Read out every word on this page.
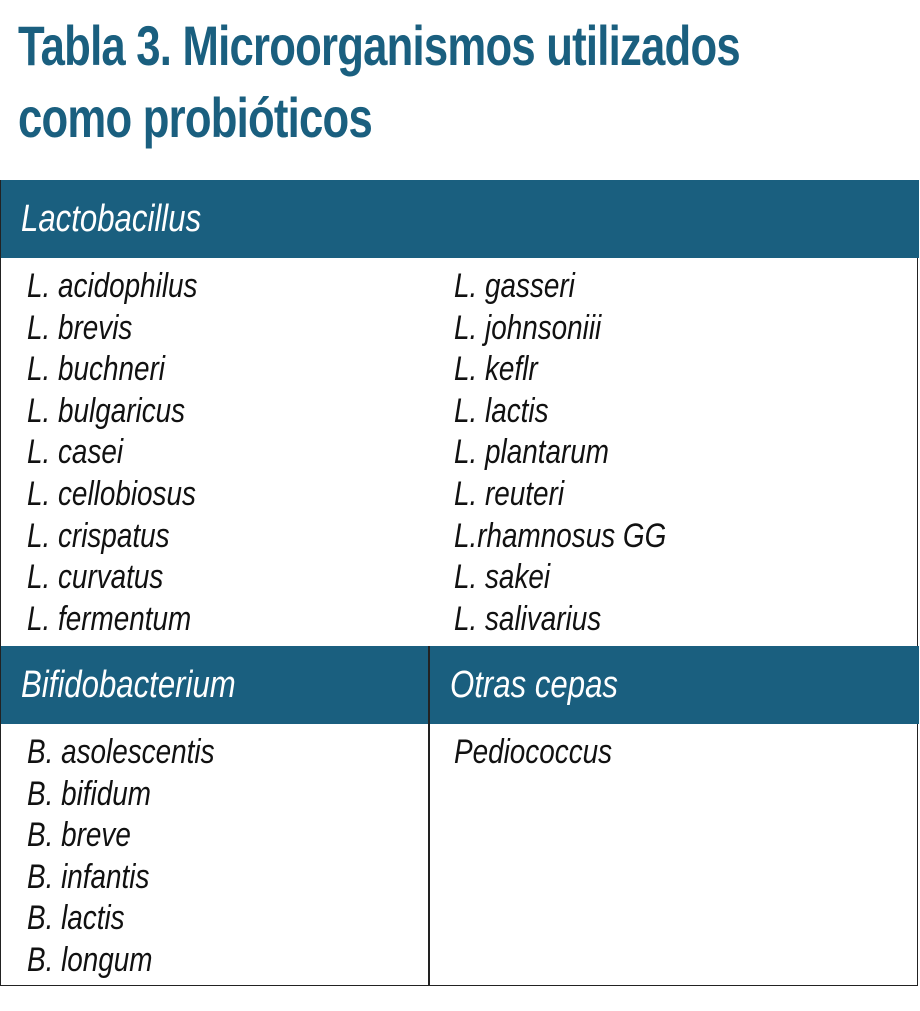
Tabla 3. Microorganismos utilizados
como probióticos
Lactobacillus
L. acidophilus
L. brevis
L. buchneri
L. bulgaricus
L. casei
L. cellobiosus
L. crispatus
L. curvatus
L. fermentum
L. gasseri
L. johnsoniii
L. keflr
L. lactis
L. plantarum
L. reuteri
L.rhamnosus GG
L. sakei
L. salivarius
Bifidobacterium	Otras cepas
B. asolescentis
B. bifidum
B. breve
B. infantis
B. lactis
B. longum
Pediococcus
